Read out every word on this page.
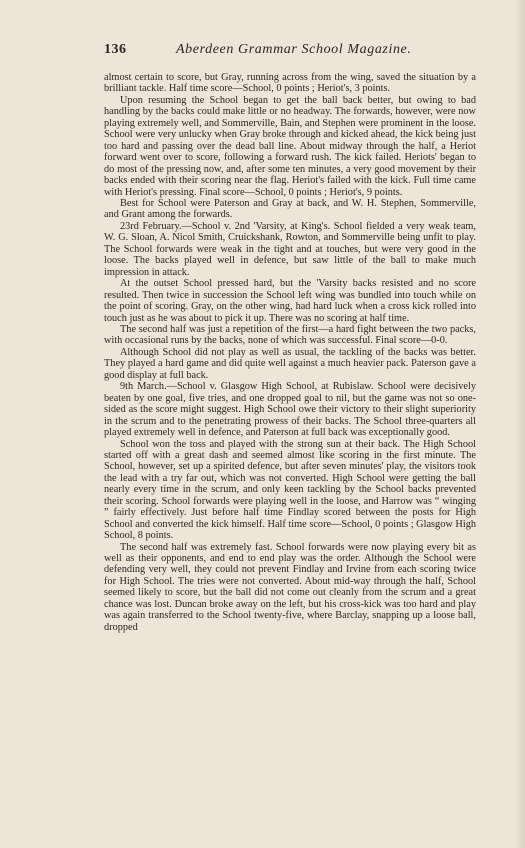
136	Aberdeen Grammar School Magazine.

almost certain to score, but Gray, running across from the wing, saved the situation by a brilliant tackle. Half time score—School, 0 points ; Heriot's, 3 points.

Upon resuming the School began to get the ball back better, but owing to bad handling by the backs could make little or no headway. The forwards, however, were now playing extremely well, and Sommerville, Bain, and Stephen were prominent in the loose. School were very unlucky when Gray broke through and kicked ahead, the kick being just too hard and passing over the dead ball line. About midway through the half, a Heriot forward went over to score, following a forward rush. The kick failed. Heriots' began to do most of the pressing now, and, after some ten minutes, a very good movement by their backs ended with their scoring near the flag. Heriot's failed with the kick. Full time came with Heriot's pressing. Final score—School, 0 points ; Heriot's, 9 points.

Best for School were Paterson and Gray at back, and W. H. Stephen, Sommerville, and Grant among the forwards.

23rd February.—School v. 2nd 'Varsity, at King's. School fielded a very weak team, W. G. Sloan, A. Nicol Smith, Cruickshank, Rowton, and Sommerville being unfit to play. The School forwards were weak in the tight and at touches, but were very good in the loose. The backs played well in defence, but saw little of the ball to make much impression in attack.

At the outset School pressed hard, but the 'Varsity backs resisted and no score resulted. Then twice in succession the School left wing was bundled into touch while on the point of scoring. Gray, on the other wing, had hard luck when a cross kick rolled into touch just as he was about to pick it up. There was no scoring at half time.

The second half was just a repetition of the first—a hard fight between the two packs, with occasional runs by the backs, none of which was successful. Final score—0-0.

Although School did not play as well as usual, the tackling of the backs was better. They played a hard game and did quite well against a much heavier pack. Paterson gave a good display at full back.

9th March.—School v. Glasgow High School, at Rubislaw. School were decisively beaten by one goal, five tries, and one dropped goal to nil, but the game was not so one-sided as the score might suggest. High School owe their victory to their slight superiority in the scrum and to the penetrating prowess of their backs. The School three-quarters all played extremely well in defence, and Paterson at full back was exceptionally good.

School won the toss and played with the strong sun at their back. The High School started off with a great dash and seemed almost like scoring in the first minute. The School, however, set up a spirited defence, but after seven minutes' play, the visitors took the lead with a try far out, which was not converted. High School were getting the ball nearly every time in the scrum, and only keen tackling by the School backs prevented their scoring. School forwards were playing well in the loose, and Harrow was “ winging ” fairly effectively. Just before half time Findlay scored between the posts for High School and converted the kick himself. Half time score—School, 0 points ; Glasgow High School, 8 points.

The second half was extremely fast. School forwards were now playing every bit as well as their opponents, and end to end play was the order. Although the School were defending very well, they could not prevent Findlay and Irvine from each scoring twice for High School. The tries were not converted. About mid-way through the half, School seemed likely to score, but the ball did not come out cleanly from the scrum and a great chance was lost. Duncan broke away on the left, but his cross-kick was too hard and play was again transferred to the School twenty-five, where Barclay, snapping up a loose ball, dropped
